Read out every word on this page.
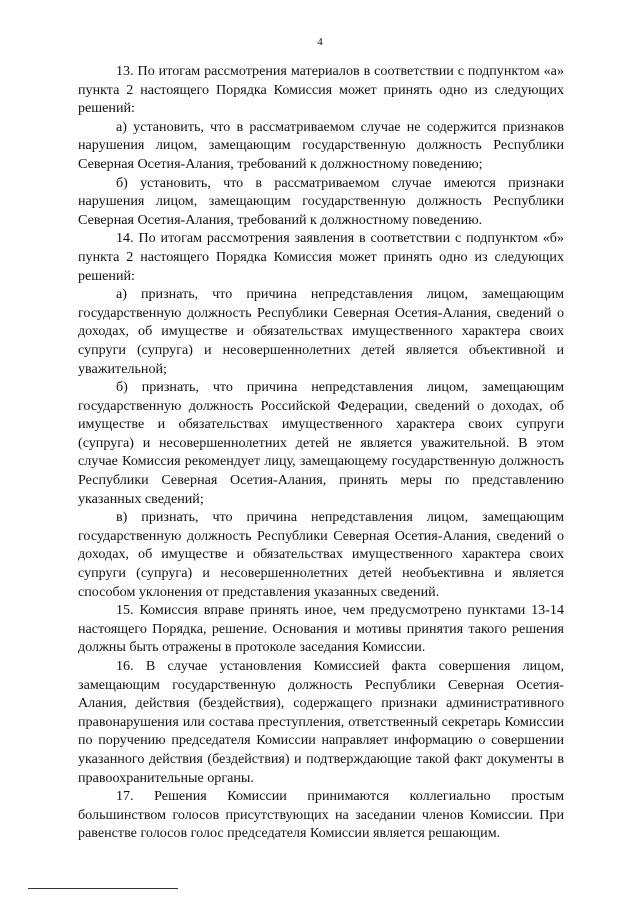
4

13. По итогам рассмотрения материалов в соответствии с подпунктом «а» пункта 2 настоящего Порядка Комиссия может принять одно из следующих решений:

а) установить, что в рассматриваемом случае не содержится признаков нарушения лицом, замещающим государственную должность Республики Северная Осетия-Алания, требований к должностному поведению;

б) установить, что в рассматриваемом случае имеются признаки нарушения лицом, замещающим государственную должность Республики Северная Осетия-Алания, требований к должностному поведению.

14. По итогам рассмотрения заявления в соответствии с подпунктом «б» пункта 2 настоящего Порядка Комиссия может принять одно из следующих решений:

а) признать, что причина непредставления лицом, замещающим государственную должность Республики Северная Осетия-Алания, сведений о доходах, об имуществе и обязательствах имущественного характера своих супруги (супруга) и несовершеннолетних детей является объективной и уважительной;

б) признать, что причина непредставления лицом, замещающим государственную должность Российской Федерации, сведений о доходах, об имуществе и обязательствах имущественного характера своих супруги (супруга) и несовершеннолетних детей не является уважительной. В этом случае Комиссия рекомендует лицу, замещающему государственную должность Республики Северная Осетия-Алания, принять меры по представлению указанных сведений;

в) признать, что причина непредставления лицом, замещающим государственную должность Республики Северная Осетия-Алания, сведений о доходах, об имуществе и обязательствах имущественного характера своих супруги (супруга) и несовершеннолетних детей необъективна и является способом уклонения от представления указанных сведений.

15. Комиссия вправе принять иное, чем предусмотрено пунктами 13-14 настоящего Порядка, решение. Основания и мотивы принятия такого решения должны быть отражены в протоколе заседания Комиссии.

16. В случае установления Комиссией факта совершения лицом, замещающим государственную должность Республики Северная Осетия-Алания, действия (бездействия), содержащего признаки административного правонарушения или состава преступления, ответственный секретарь Комиссии по поручению председателя Комиссии направляет информацию о совершении указанного действия (бездействия) и подтверждающие такой факт документы в правоохранительные органы.

17. Решения Комиссии принимаются коллегиально простым большинством голосов присутствующих на заседании членов Комиссии. При равенстве голосов голос председателя Комиссии является решающим.
